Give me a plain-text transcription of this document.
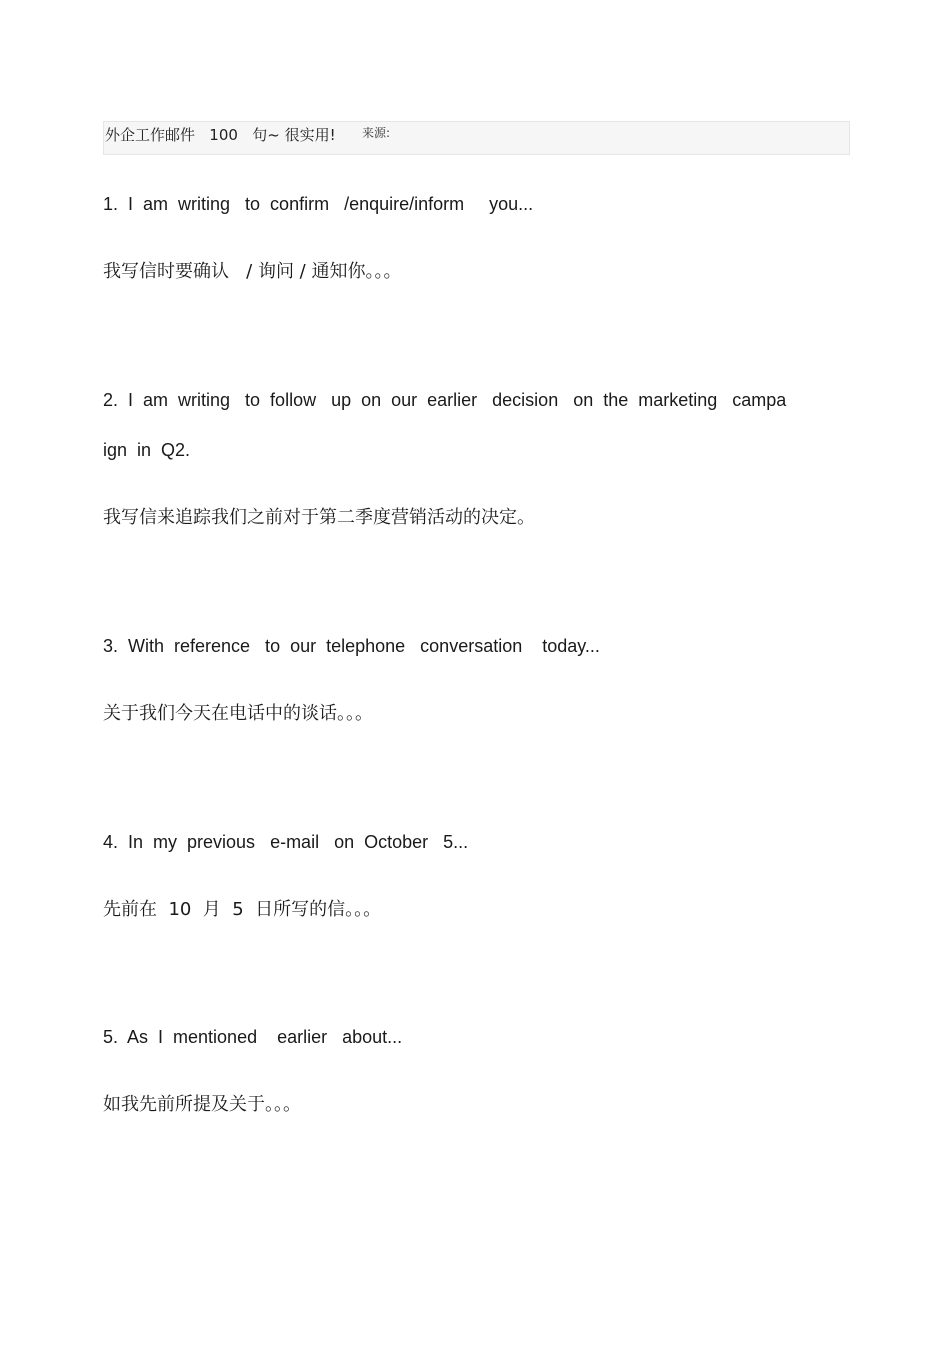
外企工作邮件   100   句~ 很实用! 来源:
1.  I  am  writing   to  confirm   /enquire/inform     you...
我写信时要确认   / 询问 / 通知你。。。
2.  I  am  writing   to  follow   up  on  our  earlier   decision   on  the  marketing   campa
ign  in  Q2.
我写信来追踪我们之前对于第二季度营销活动的决定。
3.  With  reference   to  our  telephone   conversation    today...
关于我们今天在电话中的谈话。。。
4.  In  my  previous   e-mail   on  October   5...
先前在  10  月  5  日所写的信。。。
5.  As  I  mentioned    earlier   about...
如我先前所提及关于。。。
